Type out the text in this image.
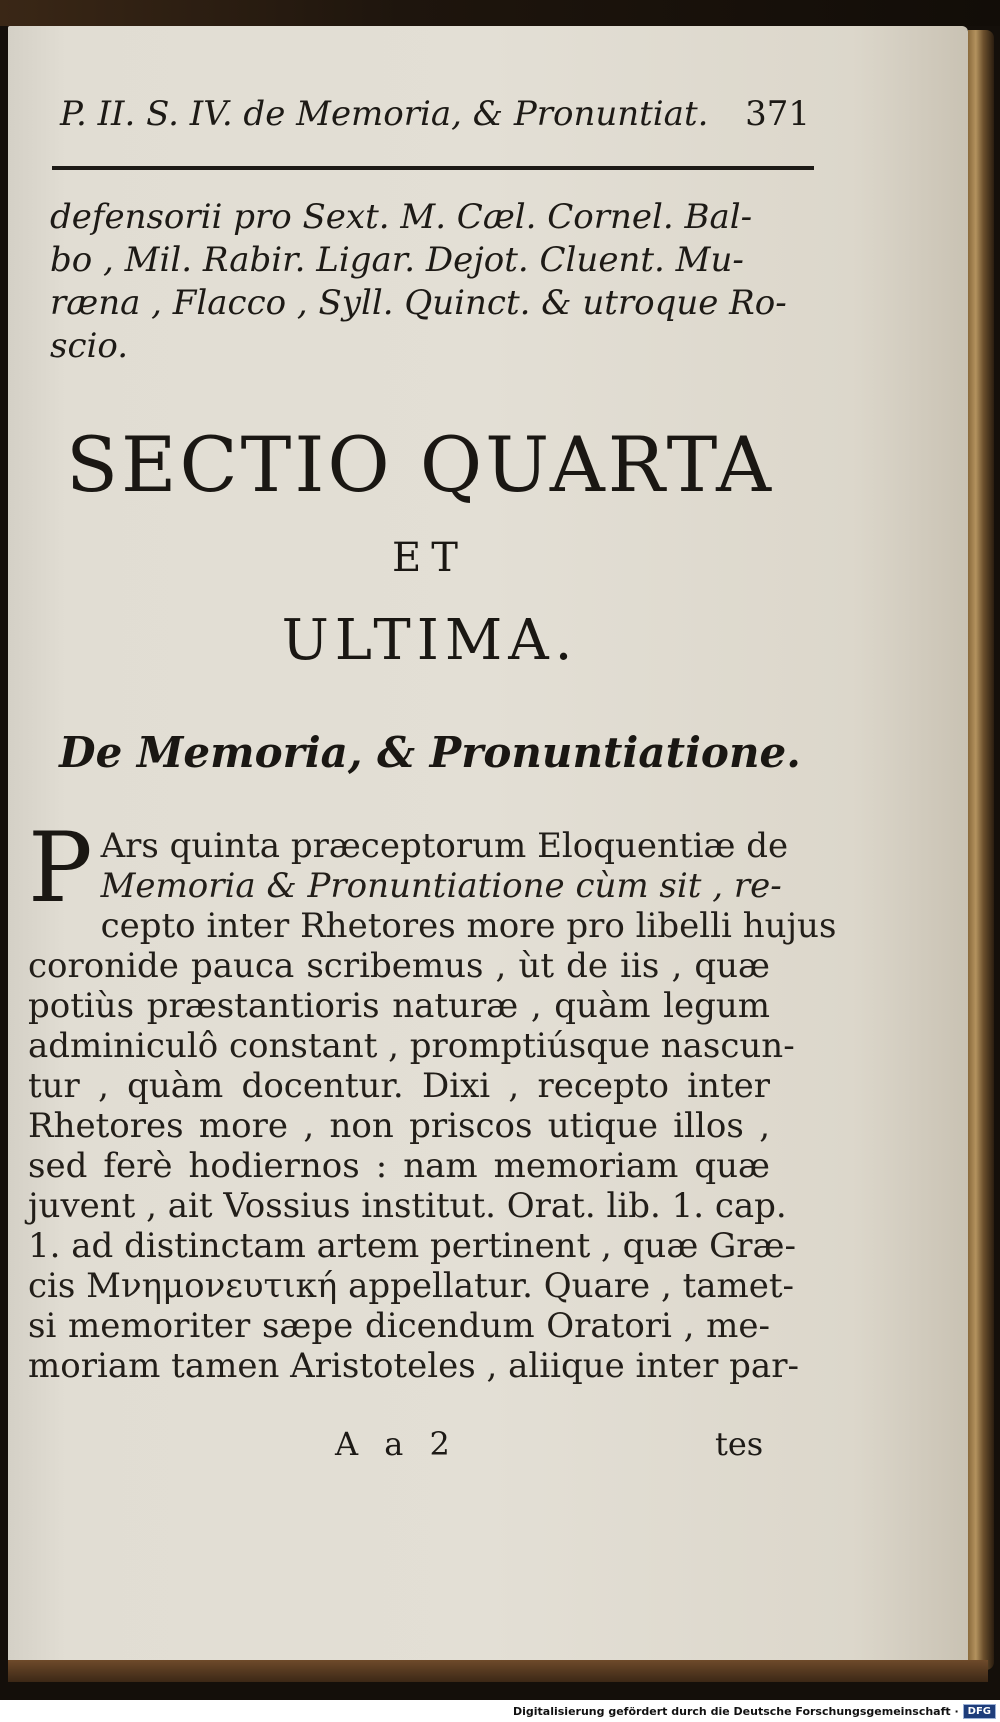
P. II. S. IV. de Memoria, & Pronuntiat. 371

defensorii pro Sext. M. Cæl. Cornel. Bal-
bo , Mil. Rabir. Ligar. Dejot. Cluent. Mu-
ræna , Flacco , Syll. Quinct. & utroque Ro-
scio.

SECTIO QUARTA
ET
ULTIMA.
De Memoria, & Pronuntiatione.
P Ars quinta præceptorum Eloquentiæ de
Memoria & Pronuntiatione cùm sit , re-
cepto inter Rhetores more pro libelli hujus
coronide pauca scribemus , ùt de iis , quæ
potiùs præstantioris naturæ , quàm legum
adminiculô constant , promptiúsque nascun-
tur , quàm docentur. Dixi , recepto inter
Rhetores more , non priscos utique illos ,
sed ferè hodiernos : nam memoriam quæ
juvent , ait Vossius institut. Orat. lib. 1. cap.
1. ad distinctam artem pertinent , quæ Græ-
cis Μνημονευτική appellatur. Quare , tamet-
si memoriter sæpe dicendum Oratori , me-
moriam tamen Aristoteles , aliique inter par-
A a 2	tes
Digitalisierung gefördert durch die Deutsche Forschungsgemeinschaft · DFG
